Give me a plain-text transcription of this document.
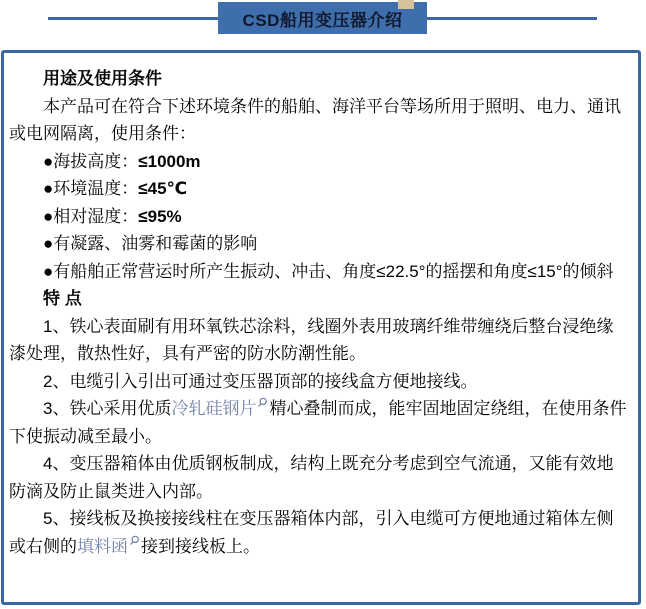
CSD船用变压器介绍

用途及使用条件

本产品可在符合下述环境条件的船舶、海洋平台等场所用于照明、电力、通讯或电网隔离，使用条件：

●海拔高度：≤1000m

●环境温度：≤45℃

●相对湿度：≤95%

●有凝露、油雾和霉菌的影响

●有船舶正常营运时所产生振动、冲击、角度≤22.5°的摇摆和角度≤15°的倾斜

特 点

1、铁心表面刷有用环氧铁芯涂料，线圈外表用玻璃纤维带缠绕后整台浸绝缘漆处理，散热性好，具有严密的防水防潮性能。

2、电缆引入引出可通过变压器顶部的接线盒方便地接线。

3、铁心采用优质冷轧硅钢片 精心叠制而成，能牢固地固定绕组，在使用条件下使振动减至最小。

4、变压器箱体由优质钢板制成，结构上既充分考虑到空气流通，又能有效地防滴及防止鼠类进入内部。

5、接线板及换接接线柱在变压器箱体内部，引入电缆可方便地通过箱体左侧或右侧的填料函 接到接线板上。
